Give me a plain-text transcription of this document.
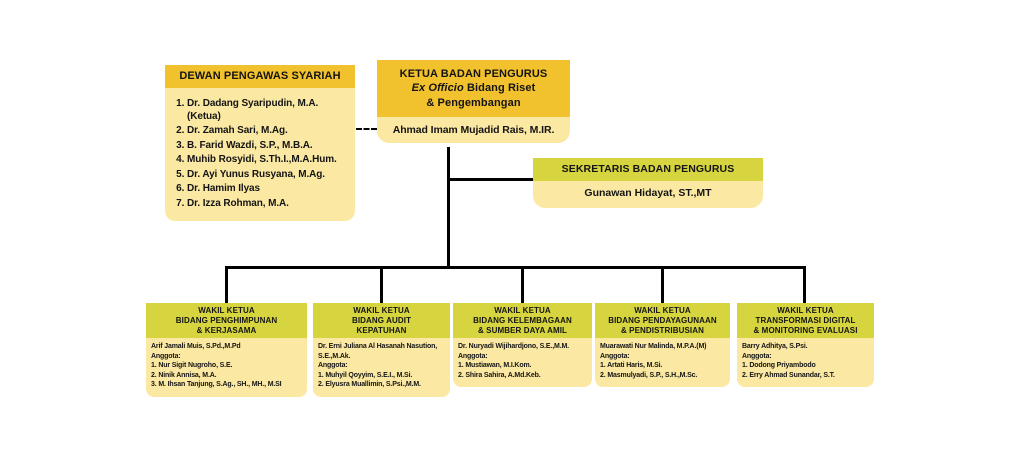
DEWAN PENGAWAS SYARIAH
1. Dr. Dadang Syaripudin, M.A. (Ketua)
2. Dr. Zamah Sari, M.Ag.
3. B. Farid Wazdi, S.P., M.B.A.
4. Muhib Rosyidi, S.Th.I.,M.A.Hum.
5. Dr. Ayi Yunus Rusyana, M.Ag.
6. Dr. Hamim Ilyas
7. Dr. Izza Rohman, M.A.
KETUA BADAN PENGURUS
Ex Officio Bidang Riset
& Pengembangan
Ahmad Imam Mujadid Rais, M.IR.
SEKRETARIS BADAN PENGURUS
Gunawan Hidayat, ST.,MT
WAKIL KETUA
BIDANG PENGHIMPUNAN
& KERJASAMA

Arif Jamali Muis, S.Pd.,M.Pd

Anggota:

Nur Sigit Nugroho, S.E.
Ninik Annisa, M.A.
M. Ihsan Tanjung, S.Ag., SH., MH., M.SI
WAKIL KETUA
BIDANG AUDIT
KEPATUHAN

Dr. Erni Juliana Al Hasanah Nasution, S.E.,M.Ak.

Anggota:

Muhyil Qoyyim, S.E.I., M.Si.
Elyusra Muallimin, S.Psi.,M.M.
WAKIL KETUA
BIDANG KELEMBAGAAN
& SUMBER DAYA AMIL

Dr. Nuryadi Wijihardjono, S.E.,M.M.

Anggota:

Mustiawan, M.I.Kom.
Shira Sahira, A.Md.Keb.
WAKIL KETUA
BIDANG PENDAYAGUNAAN
& PENDISTRIBUSIAN

Muarawati Nur Malinda, M.P.A.(M)

Anggota:

Artati Haris, M.Si.
Masmulyadi, S.P., S.H.,M.Sc.
WAKIL KETUA
TRANSFORMASI DIGITAL
& MONITORING EVALUASI

Barry Adhitya, S.Psi.

Anggota:

Dodong Priyambodo
Erry Ahmad Sunandar, S.T.
